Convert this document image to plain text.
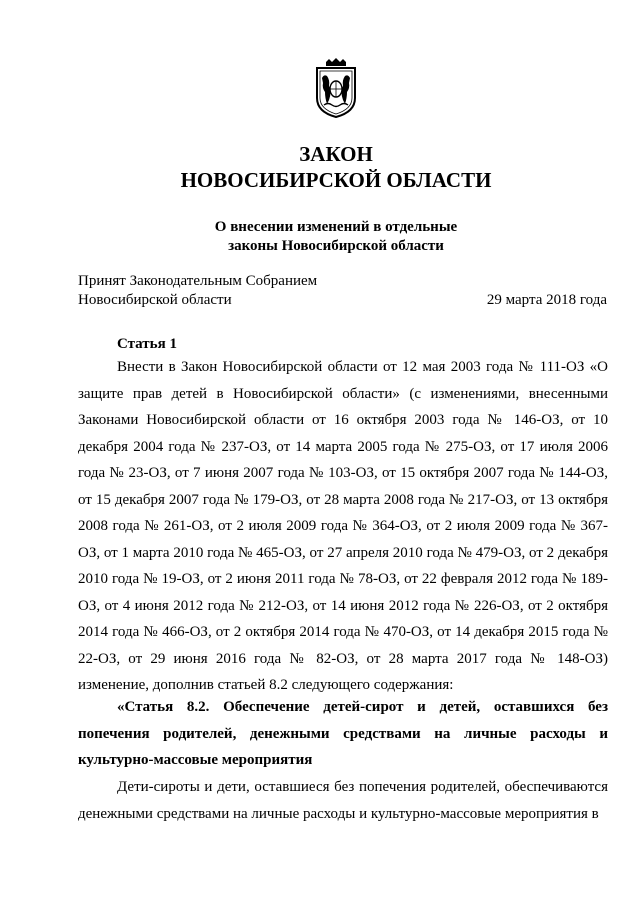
ЗАКОН
НОВОСИБИРСКОЙ ОБЛАСТИ
О внесении изменений в отдельные
законы Новосибирской области
Принят Законодательным Собранием
Новосибирской области	29 марта 2018 года
Статья 1

Внести в Закон Новосибирской области от 12 мая 2003 года № 111-ОЗ «О защите прав детей в Новосибирской области» (с изменениями, внесенными Законами Новосибирской области от 16 октября 2003 года № 146-ОЗ, от 10 декабря 2004 года № 237-ОЗ, от 14 марта 2005 года № 275-ОЗ, от 17 июля 2006 года № 23-ОЗ, от 7 июня 2007 года № 103-ОЗ, от 15 октября 2007 года № 144-ОЗ, от 15 декабря 2007 года № 179-ОЗ, от 28 марта 2008 года № 217-ОЗ, от 13 октября 2008 года № 261-ОЗ, от 2 июля 2009 года № 364-ОЗ, от 2 июля 2009 года № 367-ОЗ, от 1 марта 2010 года № 465-ОЗ, от 27 апреля 2010 года № 479-ОЗ, от 2 декабря 2010 года № 19-ОЗ, от 2 июня 2011 года № 78-ОЗ, от 22 февраля 2012 года № 189-ОЗ, от 4 июня 2012 года № 212-ОЗ, от 14 июня 2012 года № 226-ОЗ, от 2 октября 2014 года № 466-ОЗ, от 2 октября 2014 года № 470-ОЗ, от 14 декабря 2015 года № 22-ОЗ, от 29 июня 2016 года № 82-ОЗ, от 28 марта 2017 года № 148-ОЗ) изменение, дополнив статьей 8.2 следующего содержания:

«Статья 8.2. Обеспечение детей-сирот и детей, оставшихся без попечения родителей, денежными средствами на личные расходы и культурно-массовые мероприятия

Дети-сироты и дети, оставшиеся без попечения родителей, обеспечиваются денежными средствами на личные расходы и культурно-массовые мероприятия в
